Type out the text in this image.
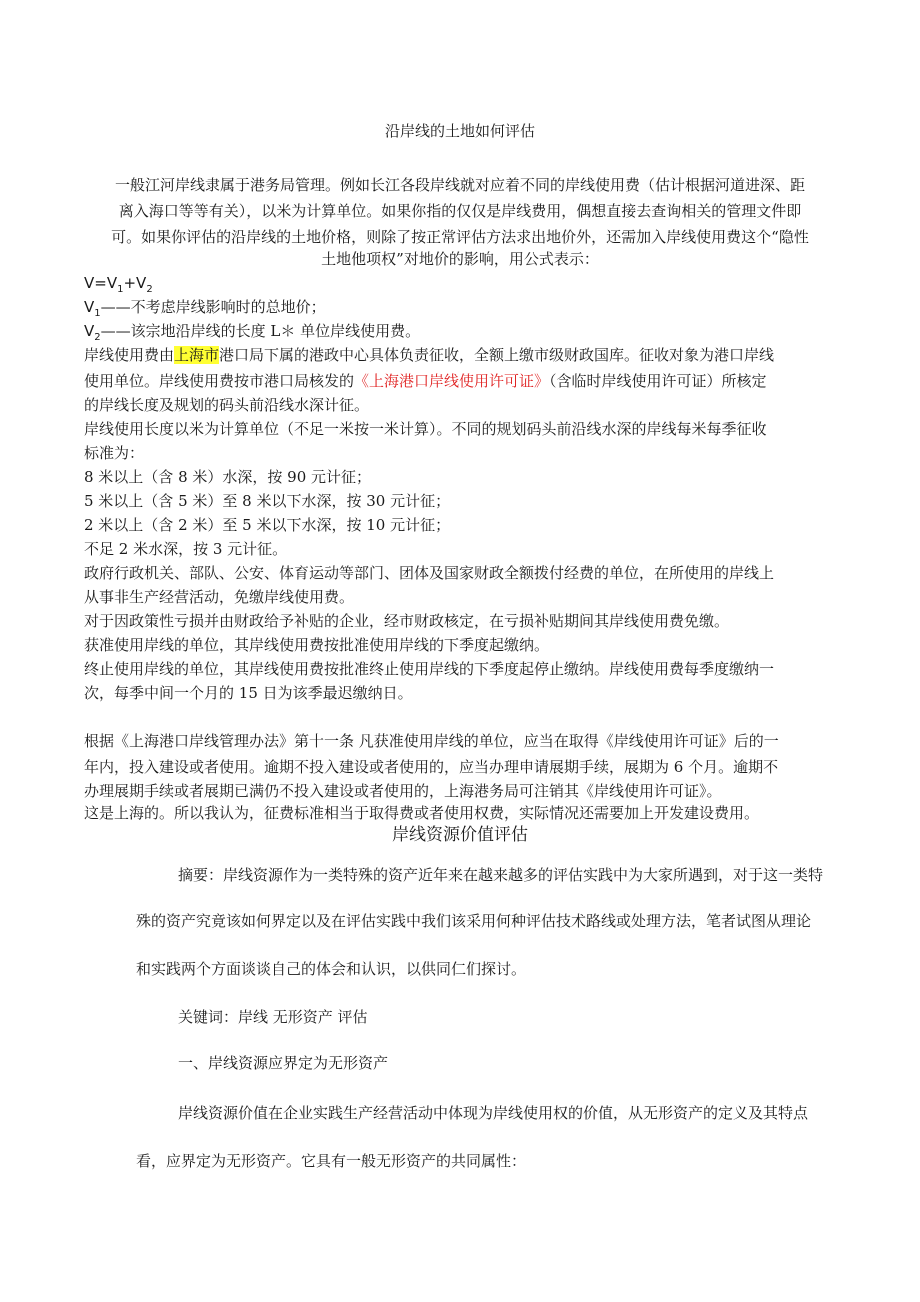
沿岸线的土地如何评估
一般江河岸线隶属于港务局管理。例如长江各段岸线就对应着不同的岸线使用费（估计根据河道进深、距
离入海口等等有关），以米为计算单位。如果你指的仅仅是岸线费用，偶想直接去查询相关的管理文件即
可。如果你评估的沿岸线的土地价格，则除了按正常评估方法求出地价外，还需加入岸线使用费这个“隐性
土地他项权”对地价的影响，用公式表示：
$V=V_1+V_2$
$V_1——$不考虑岸线影响时的总地价；
$V_2——$该宗地沿岸线的长度 L＊ 单位岸线使用费。
岸线使用费由上海市港口局下属的港政中心具体负责征收，全额上缴市级财政国库。征收对象为港口岸线
使用单位。岸线使用费按市港口局核发的《上海港口岸线使用许可证》（含临时岸线使用许可证）所核定
的岸线长度及规划的码头前沿线水深计征。
岸线使用长度以米为计算单位（不足一米按一米计算）。不同的规划码头前沿线水深的岸线每米每季征收
标准为：
8 米以上（含 8 米）水深，按 90 元计征；
5 米以上（含 5 米）至 8 米以下水深，按 30 元计征；
2 米以上（含 2 米）至 5 米以下水深，按 10 元计征；
不足 2 米水深，按 3 元计征。
政府行政机关、部队、公安、体育运动等部门、团体及国家财政全额拨付经费的单位，在所使用的岸线上
从事非生产经营活动，免缴岸线使用费。
对于因政策性亏损并由财政给予补贴的企业，经市财政核定，在亏损补贴期间其岸线使用费免缴。
获准使用岸线的单位，其岸线使用费按批准使用岸线的下季度起缴纳。
终止使用岸线的单位，其岸线使用费按批准终止使用岸线的下季度起停止缴纳。岸线使用费每季度缴纳一
次，每季中间一个月的 15 日为该季最迟缴纳日。
根据《上海港口岸线管理办法》第十一条 凡获准使用岸线的单位，应当在取得《岸线使用许可证》后的一
年内，投入建设或者使用。逾期不投入建设或者使用的，应当办理申请展期手续，展期为 6 个月。逾期不
办理展期手续或者展期已满仍不投入建设或者使用的，上海港务局可注销其《岸线使用许可证》。
这是上海的。所以我认为，征费标准相当于取得费或者使用权费，实际情况还需要加上开发建设费用。
岸线资源价值评估
摘要：岸线资源作为一类特殊的资产近年来在越来越多的评估实践中为大家所遇到，对于这一类特
殊的资产究竟该如何界定以及在评估实践中我们该采用何种评估技术路线或处理方法，笔者试图从理论
和实践两个方面谈谈自己的体会和认识，以供同仁们探讨。
关键词：岸线 无形资产 评估
一、岸线资源应界定为无形资产
岸线资源价值在企业实践生产经营活动中体现为岸线使用权的价值，从无形资产的定义及其特点
看，应界定为无形资产。它具有一般无形资产的共同属性：
